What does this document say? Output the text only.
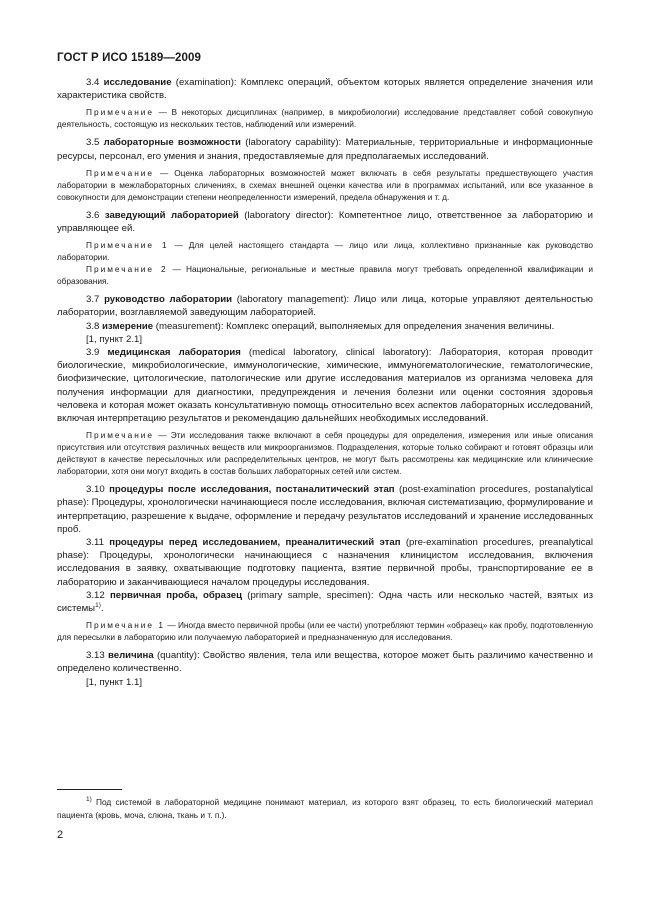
ГОСТ Р ИСО 15189—2009

3.4 исследование (examination): Комплекс операций, объектом которых является определение значения или характеристика свойств.

Примечание — В некоторых дисциплинах (например, в микробиологии) исследование представляет собой совокупную деятельность, состоящую из нескольких тестов, наблюдений или измерений.

3.5 лабораторные возможности (laboratory capability): Материальные, территориальные и информационные ресурсы, персонал, его умения и знания, предоставляемые для предполагаемых исследований.

Примечание — Оценка лабораторных возможностей может включать в себя результаты предшествующего участия лаборатории в межлабораторных сличениях, в схемах внешней оценки качества или в программах испытаний, или все указанное в совокупности для демонстрации степени неопределенности измерений, предела обнаружения и т. д.

3.6 заведующий лабораторией (laboratory director): Компетентное лицо, ответственное за лабораторию и управляющее ей.

Примечание 1 — Для целей настоящего стандарта — лицо или лица, коллективно признанные как руководство лаборатории.

Примечание 2 — Национальные, региональные и местные правила могут требовать определенной квалификации и образования.

3.7 руководство лаборатории (laboratory management): Лицо или лица, которые управляют деятельностью лаборатории, возглавляемой заведующим лабораторией.

3.8 измерение (measurement): Комплекс операций, выполняемых для определения значения величины.

[1, пункт 2.1]

3.9 медицинская лаборатория (medical laboratory, clinical laboratory): Лаборатория, которая проводит биологические, микробиологические, иммунологические, химические, иммуногематологические, гематологические, биофизические, цитологические, патологические или другие исследования материалов из организма человека для получения информации для диагностики, предупреждения и лечения болезни или оценки состояния здоровья человека и которая может оказать консультативную помощь относительно всех аспектов лабораторных исследований, включая интерпретацию результатов и рекомендацию дальнейших необходимых исследований.

Примечание — Эти исследования также включают в себя процедуры для определения, измерения или иные описания присутствия или отсутствия различных веществ или микроорганизмов. Подразделения, которые только собирают и готовят образцы или действуют в качестве пересылочных или распределительных центров, не могут быть рассмотрены как медицинские или клинические лаборатории, хотя они могут входить в состав больших лабораторных сетей или систем.

3.10 процедуры после исследования, постаналитический этап (post-examination procedures, postanalytical phase): Процедуры, хронологически начинающиеся после исследования, включая систематизацию, формулирование и интерпретацию, разрешение к выдаче, оформление и передачу результатов исследований и хранение исследованных проб.

3.11 процедуры перед исследованием, преаналитический этап (pre-examination procedures, preanalytical phase): Процедуры, хронологически начинающиеся с назначения клиницистом исследования, включения исследования в заявку, охватывающие подготовку пациента, взятие первичной пробы, транспортирование ее в лабораторию и заканчивающиеся началом процедуры исследования.

3.12 первичная проба, образец (primary sample, specimen): Одна часть или несколько частей, взятых из системы$^{1)}$.

Примечание 1 — Иногда вместо первичной пробы (или ее части) употребляют термин «образец» как пробу, подготовленную для пересылки в лабораторию или получаемую лабораторией и предназначенную для исследования.

3.13 величина (quantity): Свойство явления, тела или вещества, которое может быть различимо качественно и определено количественно.

[1, пункт 1.1]

$^{1)}$ Под системой в лабораторной медицине понимают материал, из которого взят образец, то есть биологический материал пациента (кровь, моча, слюна, ткань и т. п.).
2
